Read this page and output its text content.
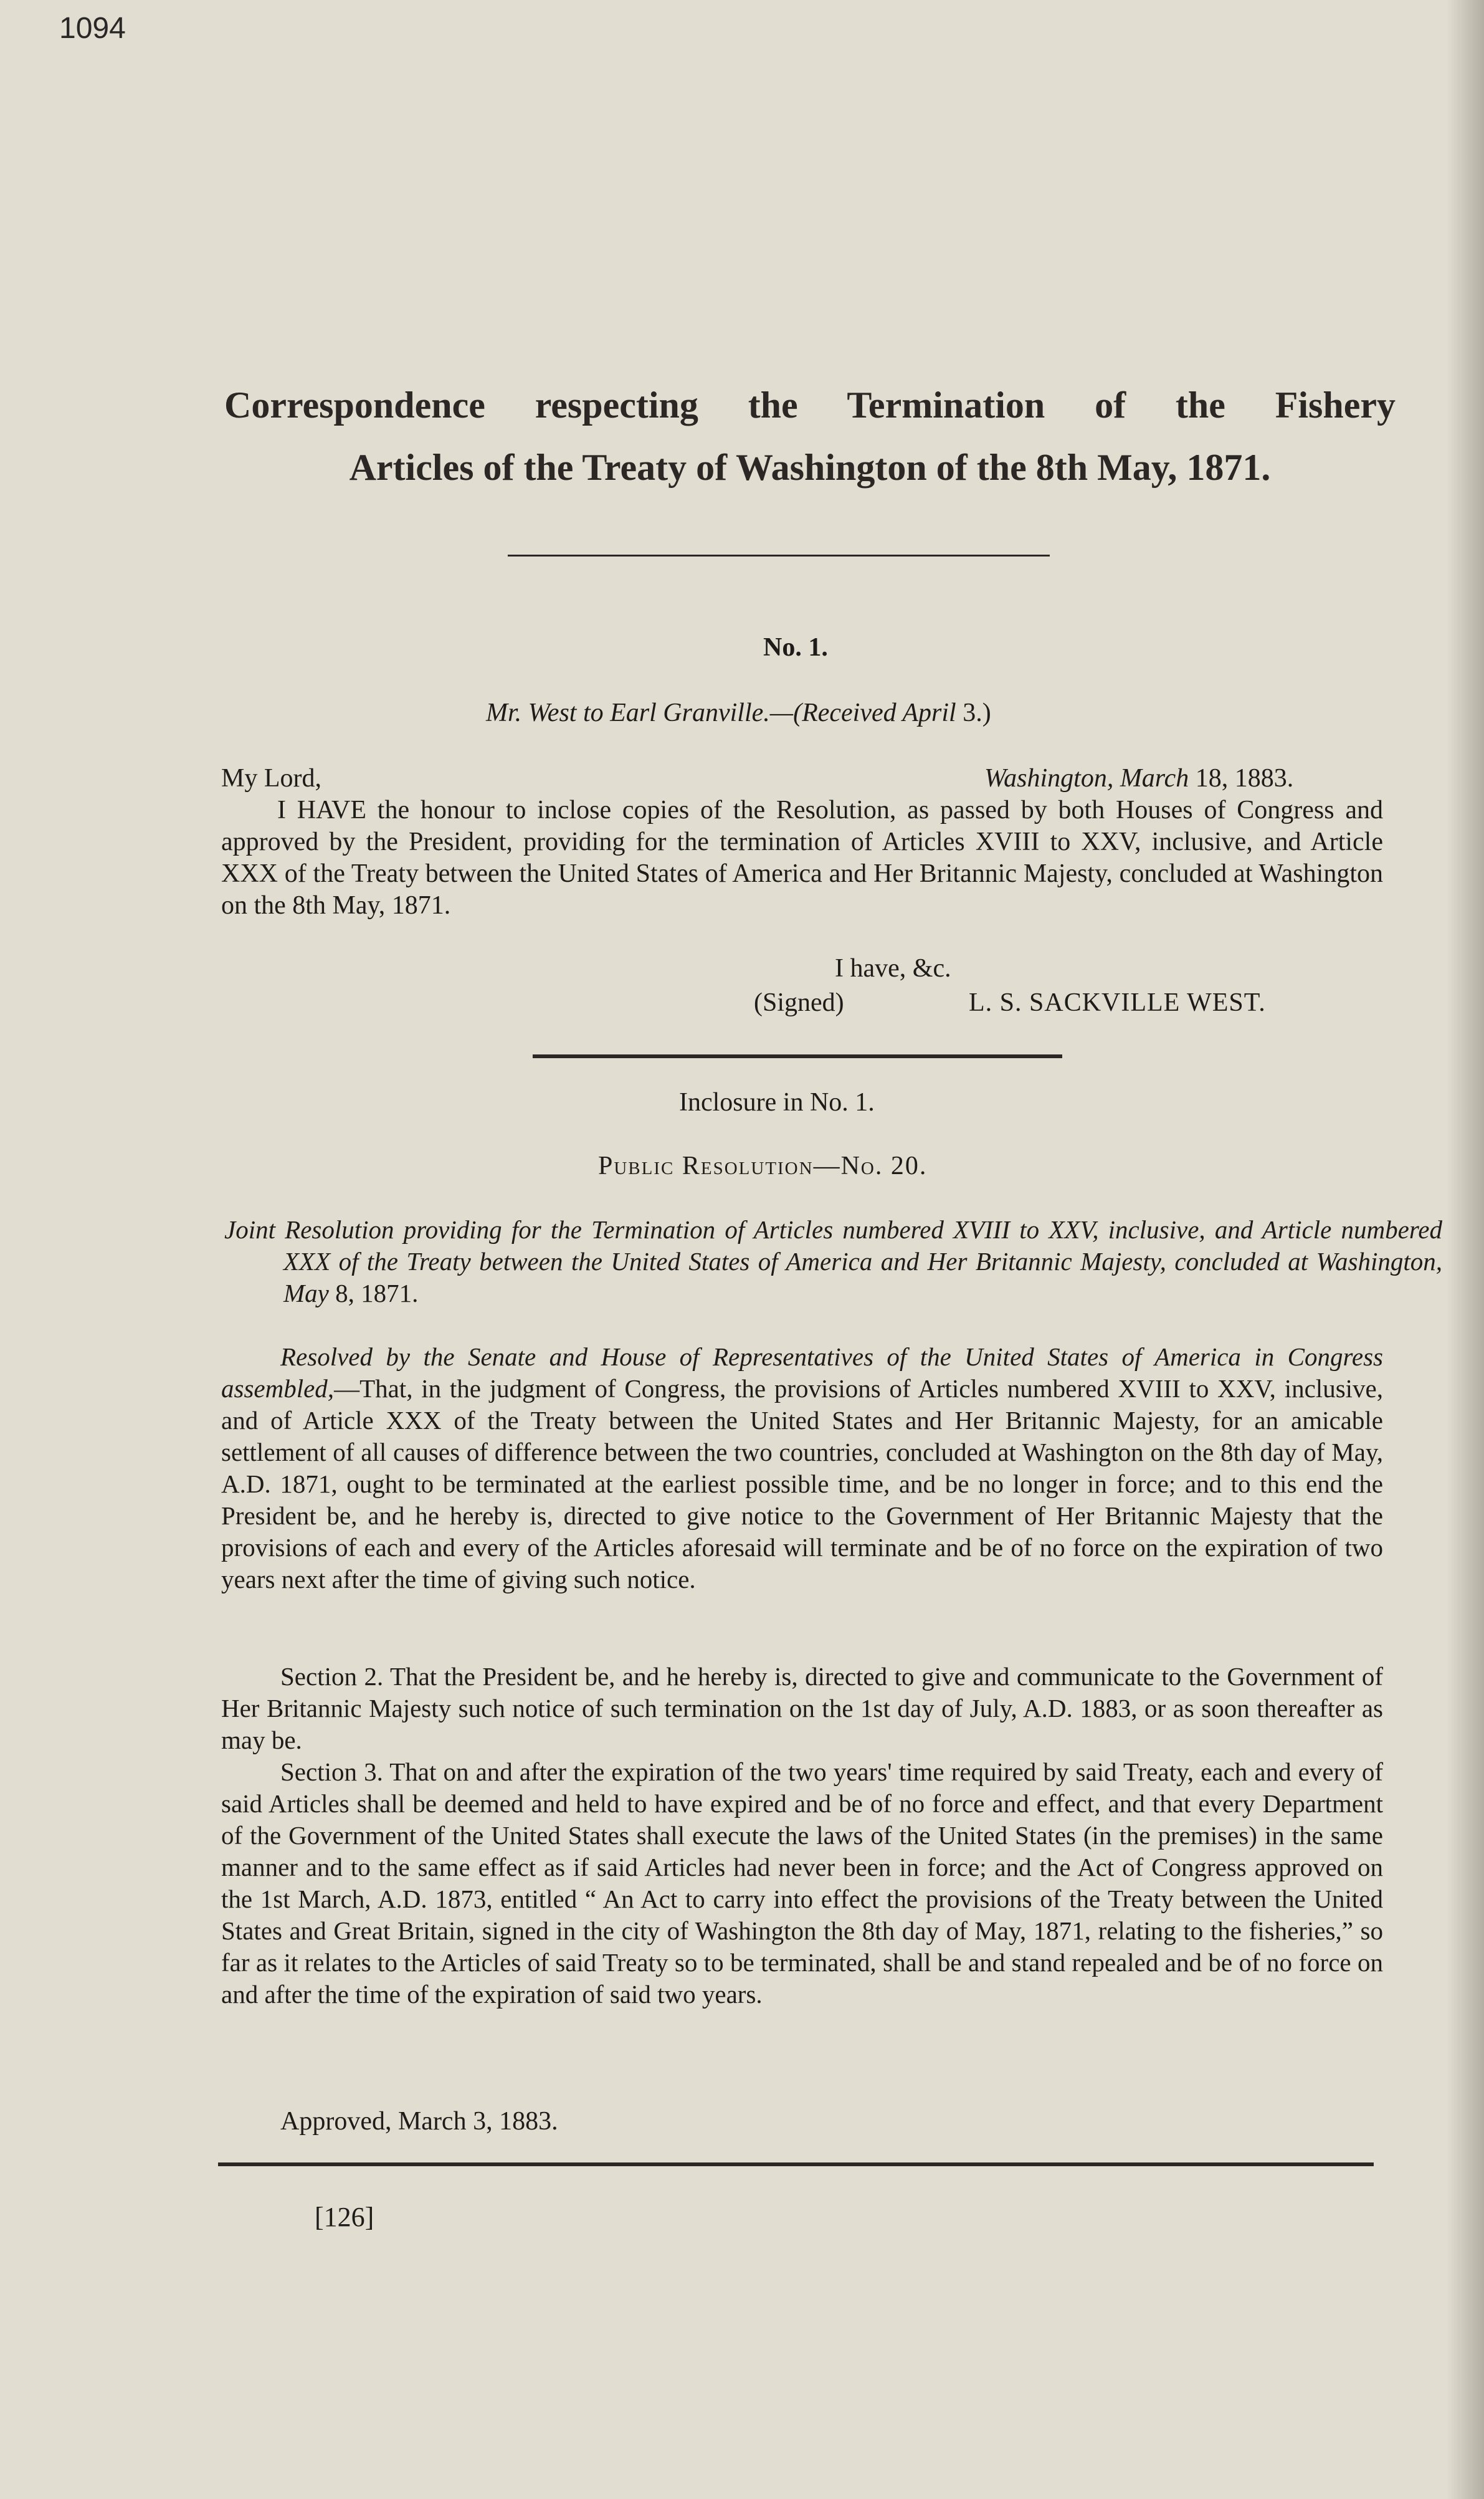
1094
Correspondence respecting the Termination of the Fishery
Articles of the Treaty of Washington of the 8th May, 1871.
No. 1.
Mr. West to Earl Granville.—(Received April 3.)
My Lord,	Washington, March 18, 1883.
I HAVE the honour to inclose copies of the Resolution, as passed by both Houses of Congress and approved by the President, providing for the termination of Articles XVIII to XXV, inclusive, and Article XXX of the Treaty between the United States of America and Her Britannic Majesty, concluded at Washington on the 8th May, 1871.
I have, &c.
(Signed)	L. S. SACKVILLE WEST.
Inclosure in No. 1.
Public Resolution—No. 20.
Joint Resolution providing for the Termination of Articles numbered XVIII to XXV, inclusive, and Article numbered XXX of the Treaty between the United States of America and Her Britannic Majesty, concluded at Washington, May 8, 1871.
Resolved by the Senate and House of Representatives of the United States of America in Congress assembled,—That, in the judgment of Congress, the provisions of Articles numbered XVIII to XXV, inclusive, and of Article XXX of the Treaty between the United States and Her Britannic Majesty, for an amicable settlement of all causes of difference between the two countries, concluded at Washington on the 8th day of May, A.D. 1871, ought to be terminated at the earliest possible time, and be no longer in force; and to this end the President be, and he hereby is, directed to give notice to the Government of Her Britannic Majesty that the provisions of each and every of the Articles aforesaid will terminate and be of no force on the expiration of two years next after the time of giving such notice.
Section 2. That the President be, and he hereby is, directed to give and communicate to the Government of Her Britannic Majesty such notice of such termination on the 1st day of July, A.D. 1883, or as soon thereafter as may be.
Section 3. That on and after the expiration of the two years' time required by said Treaty, each and every of said Articles shall be deemed and held to have expired and be of no force and effect, and that every Department of the Government of the United States shall execute the laws of the United States (in the premises) in the same manner and to the same effect as if said Articles had never been in force; and the Act of Congress approved on the 1st March, A.D. 1873, entitled “ An Act to carry into effect the provisions of the Treaty between the United States and Great Britain, signed in the city of Washington the 8th day of May, 1871, relating to the fisheries,” so far as it relates to the Articles of said Treaty so to be terminated, shall be and stand repealed and be of no force on and after the time of the expiration of said two years.
Approved, March 3, 1883.
[126]
